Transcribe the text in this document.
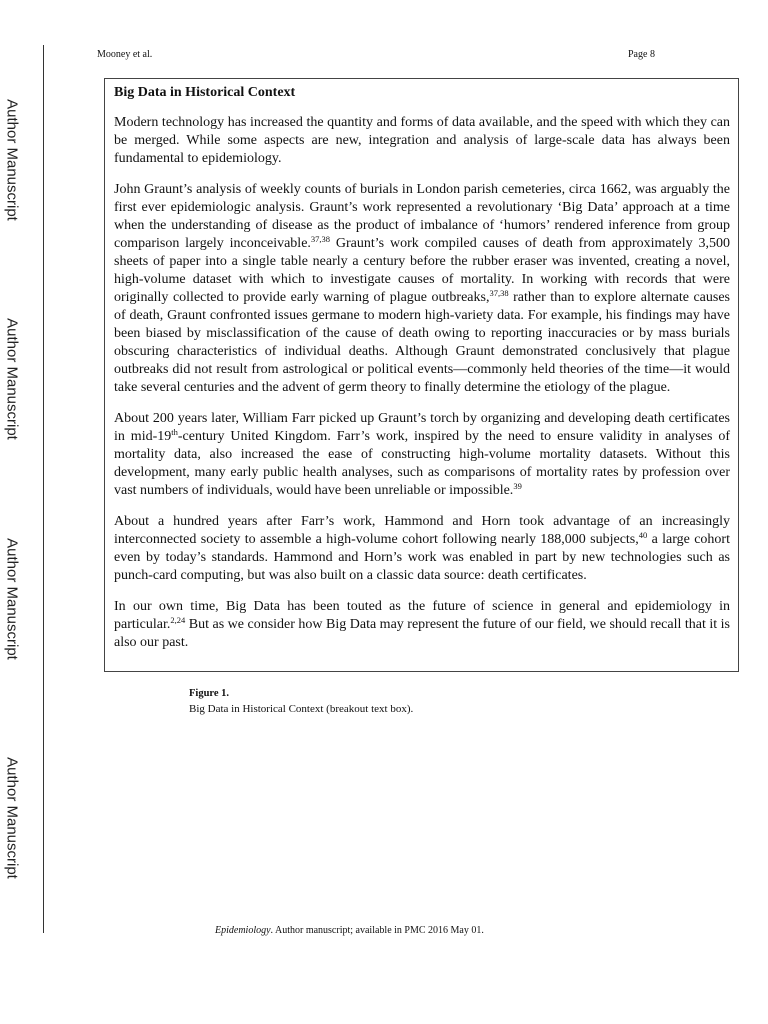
Author Manuscript
Author Manuscript
Author Manuscript
Author Manuscript
Mooney et al.	Page 8
Big Data in Historical Context

Modern technology has increased the quantity and forms of data available, and the speed with which they can be merged. While some aspects are new, integration and analysis of large-scale data has always been fundamental to epidemiology.

John Graunt’s analysis of weekly counts of burials in London parish cemeteries, circa 1662, was arguably the first ever epidemiologic analysis. Graunt’s work represented a revolutionary ‘Big Data’ approach at a time when the understanding of disease as the product of imbalance of ‘humors’ rendered inference from group comparison largely inconceivable.$^{37,38}$ Graunt’s work compiled causes of death from approximately 3,500 sheets of paper into a single table nearly a century before the rubber eraser was invented, creating a novel, high-volume dataset with which to investigate causes of mortality. In working with records that were originally collected to provide early warning of plague outbreaks,$^{37,38}$ rather than to explore alternate causes of death, Graunt confronted issues germane to modern high-variety data. For example, his findings may have been biased by misclassification of the cause of death owing to reporting inaccuracies or by mass burials obscuring characteristics of individual deaths. Although Graunt demonstrated conclusively that plague outbreaks did not result from astrological or political events—commonly held theories of the time—it would take several centuries and the advent of germ theory to finally determine the etiology of the plague.

About 200 years later, William Farr picked up Graunt’s torch by organizing and developing death certificates in mid-19th-century United Kingdom. Farr’s work, inspired by the need to ensure validity in analyses of mortality data, also increased the ease of constructing high-volume mortality datasets. Without this development, many early public health analyses, such as comparisons of mortality rates by profession over vast numbers of individuals, would have been unreliable or impossible.$^{39}$

About a hundred years after Farr’s work, Hammond and Horn took advantage of an increasingly interconnected society to assemble a high-volume cohort following nearly 188,000 subjects,$^{40}$ a large cohort even by today’s standards. Hammond and Horn’s work was enabled in part by new technologies such as punch-card computing, but was also built on a classic data source: death certificates.

In our own time, Big Data has been touted as the future of science in general and epidemiology in particular.$^{2,24}$ But as we consider how Big Data may represent the future of our field, we should recall that it is also our past.

Figure 1.
Big Data in Historical Context (breakout text box).
Epidemiology. Author manuscript; available in PMC 2016 May 01.
